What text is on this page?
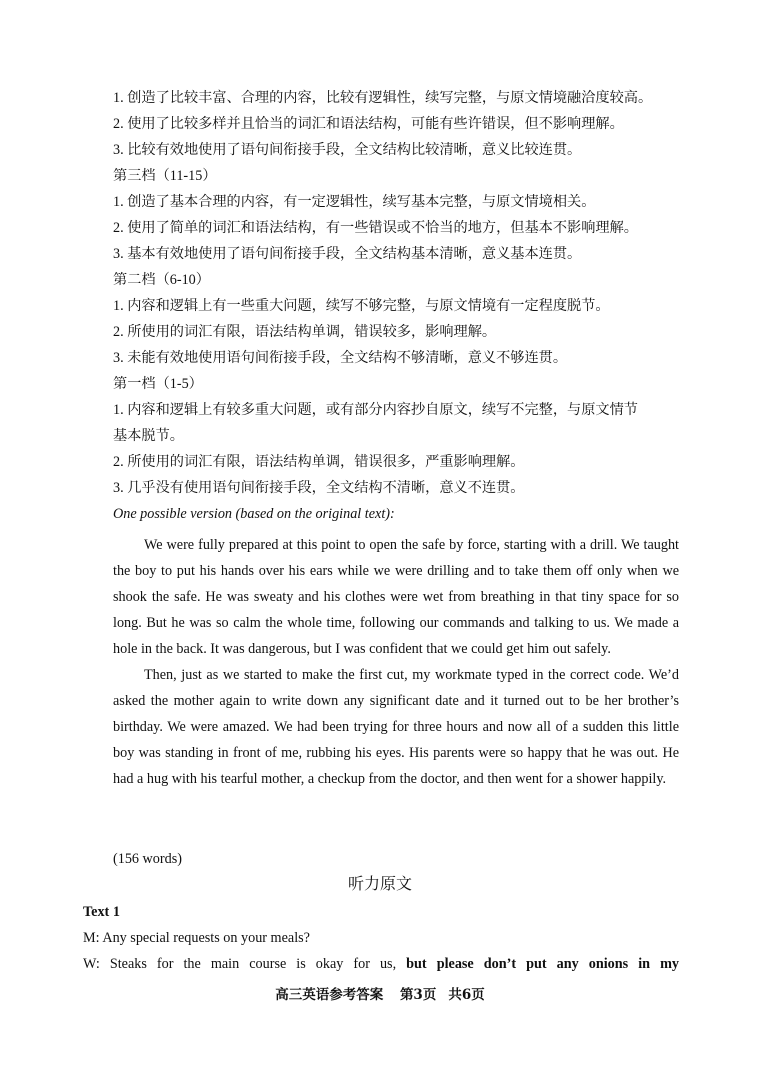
1. 创造了比较丰富、合理的内容，比较有逻辑性，续写完整，与原文情境融洽度较高。
2. 使用了比较多样并且恰当的词汇和语法结构，可能有些许错误，但不影响理解。
3. 比较有效地使用了语句间衔接手段，全文结构比较清晰，意义比较连贯。
第三档（11-15）
1. 创造了基本合理的内容，有一定逻辑性，续写基本完整，与原文情境相关。
2. 使用了简单的词汇和语法结构，有一些错误或不恰当的地方，但基本不影响理解。
3. 基本有效地使用了语句间衔接手段，全文结构基本清晰，意义基本连贯。
第二档（6-10）
1. 内容和逻辑上有一些重大问题，续写不够完整，与原文情境有一定程度脱节。
2. 所使用的词汇有限，语法结构单调，错误较多，影响理解。
3. 未能有效地使用语句间衔接手段，全文结构不够清晰，意义不够连贯。
第一档（1-5）
1. 内容和逻辑上有较多重大问题，或有部分内容抄自原文，续写不完整，与原文情节
基本脱节。
2. 所使用的词汇有限，语法结构单调，错误很多，严重影响理解。
3. 几乎没有使用语句间衔接手段，全文结构不清晰，意义不连贯。
One possible version (based on the original text):

We were fully prepared at this point to open the safe by force, starting with a drill. We taught the boy to put his hands over his ears while we were drilling and to take them off only when we shook the safe. He was sweaty and his clothes were wet from breathing in that tiny space for so long. But he was so calm the whole time, following our commands and talking to us. We made a hole in the back. It was dangerous, but I was confident that we could get him out safely.

Then, just as we started to make the first cut, my workmate typed in the correct code. We’d asked the mother again to write down any significant date and it turned out to be her brother’s birthday. We were amazed. We had been trying for three hours and now all of a sudden this little boy was standing in front of me, rubbing his eyes. His parents were so happy that he was out. He had a hug with his tearful mother, a checkup from the doctor, and then went for a shower happily.

(156 words)
听力原文
Text 1
M: Any special requests on your meals?
W: Steaks for the main course is okay for us, but please don’t put any onions in my
高三英语参考答案 第3页 共6页
